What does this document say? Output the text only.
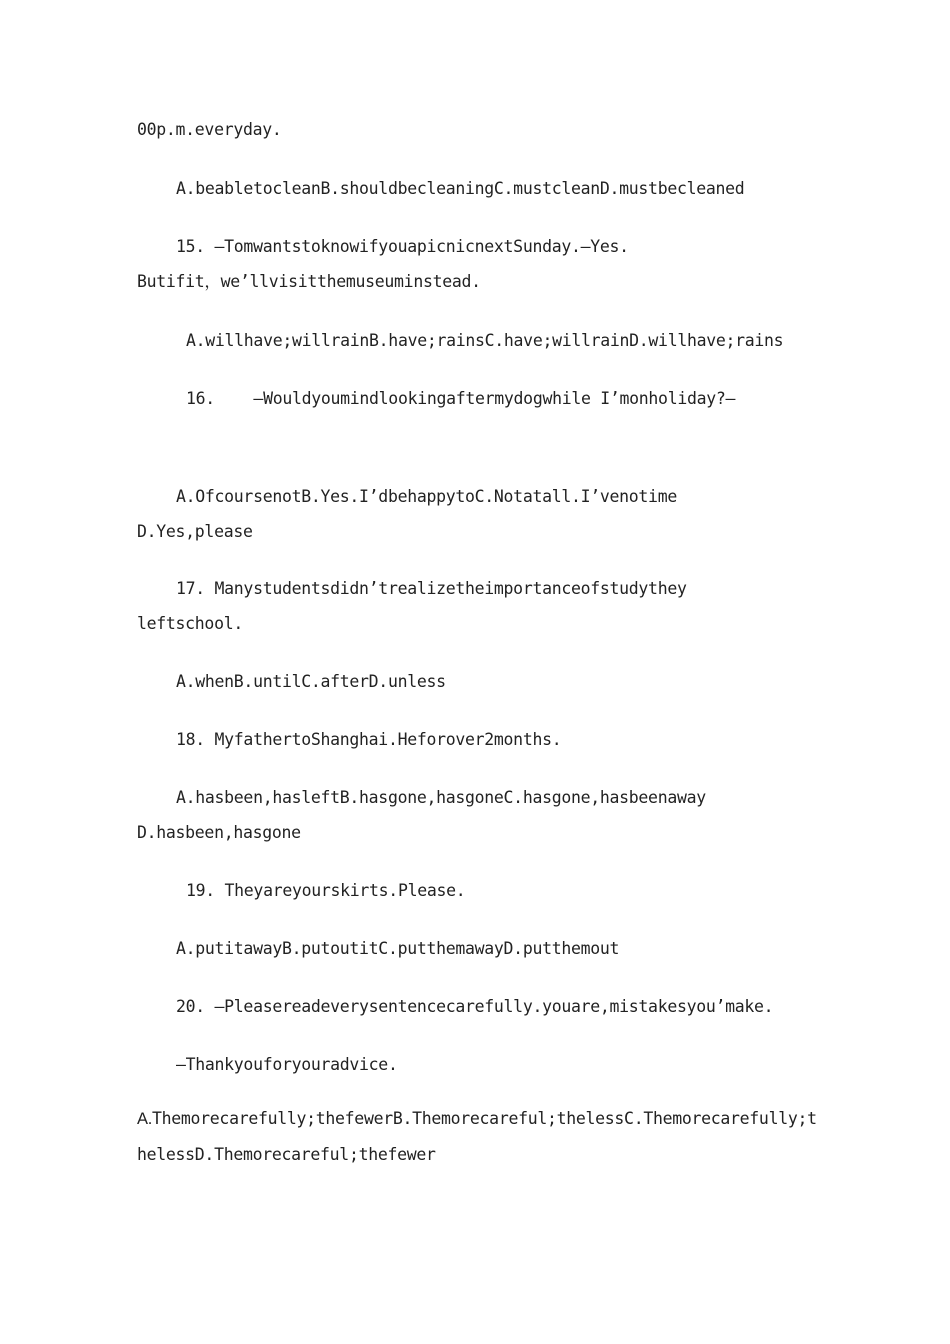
00p.m.everyday.
A.beabletocleanB.shouldbecleaningC.mustcleanD.mustbecleaned
15. —TomwantstoknowifyouapicnicnextSunday.—Yes.
Butifit，we’llvisitthemuseuminstead.
A.willhave;willrainB.have;rainsC.have;willrainD.willhave;rains
16.    —Wouldyoumindlookingaftermydogwhile I’monholiday?—
A.OfcoursenotB.Yes.I’dbehappytoC.Notatall.I’venotime
D.Yes,please
17. Manystudentsdidn’trealizetheimportanceofstudythey
leftschool.
A.whenB.untilC.afterD.unless
18. MyfathertoShanghai.Heforover2months.
A.hasbeen,hasleftB.hasgone,hasgoneC.hasgone,hasbeenaway
D.hasbeen,hasgone
19. Theyareyourskirts.Please.
A.putitawayB.putoutitC.putthemawayD.putthemout
20. —Pleasereadeverysentencecarefully.youare,mistakesyou’make.
—Thankyouforyouradvice.
A.Themorecarefully;thefewerB.Themorecareful;thelessC.Themorecarefully;t
helessD.Themorecareful;thefewer
